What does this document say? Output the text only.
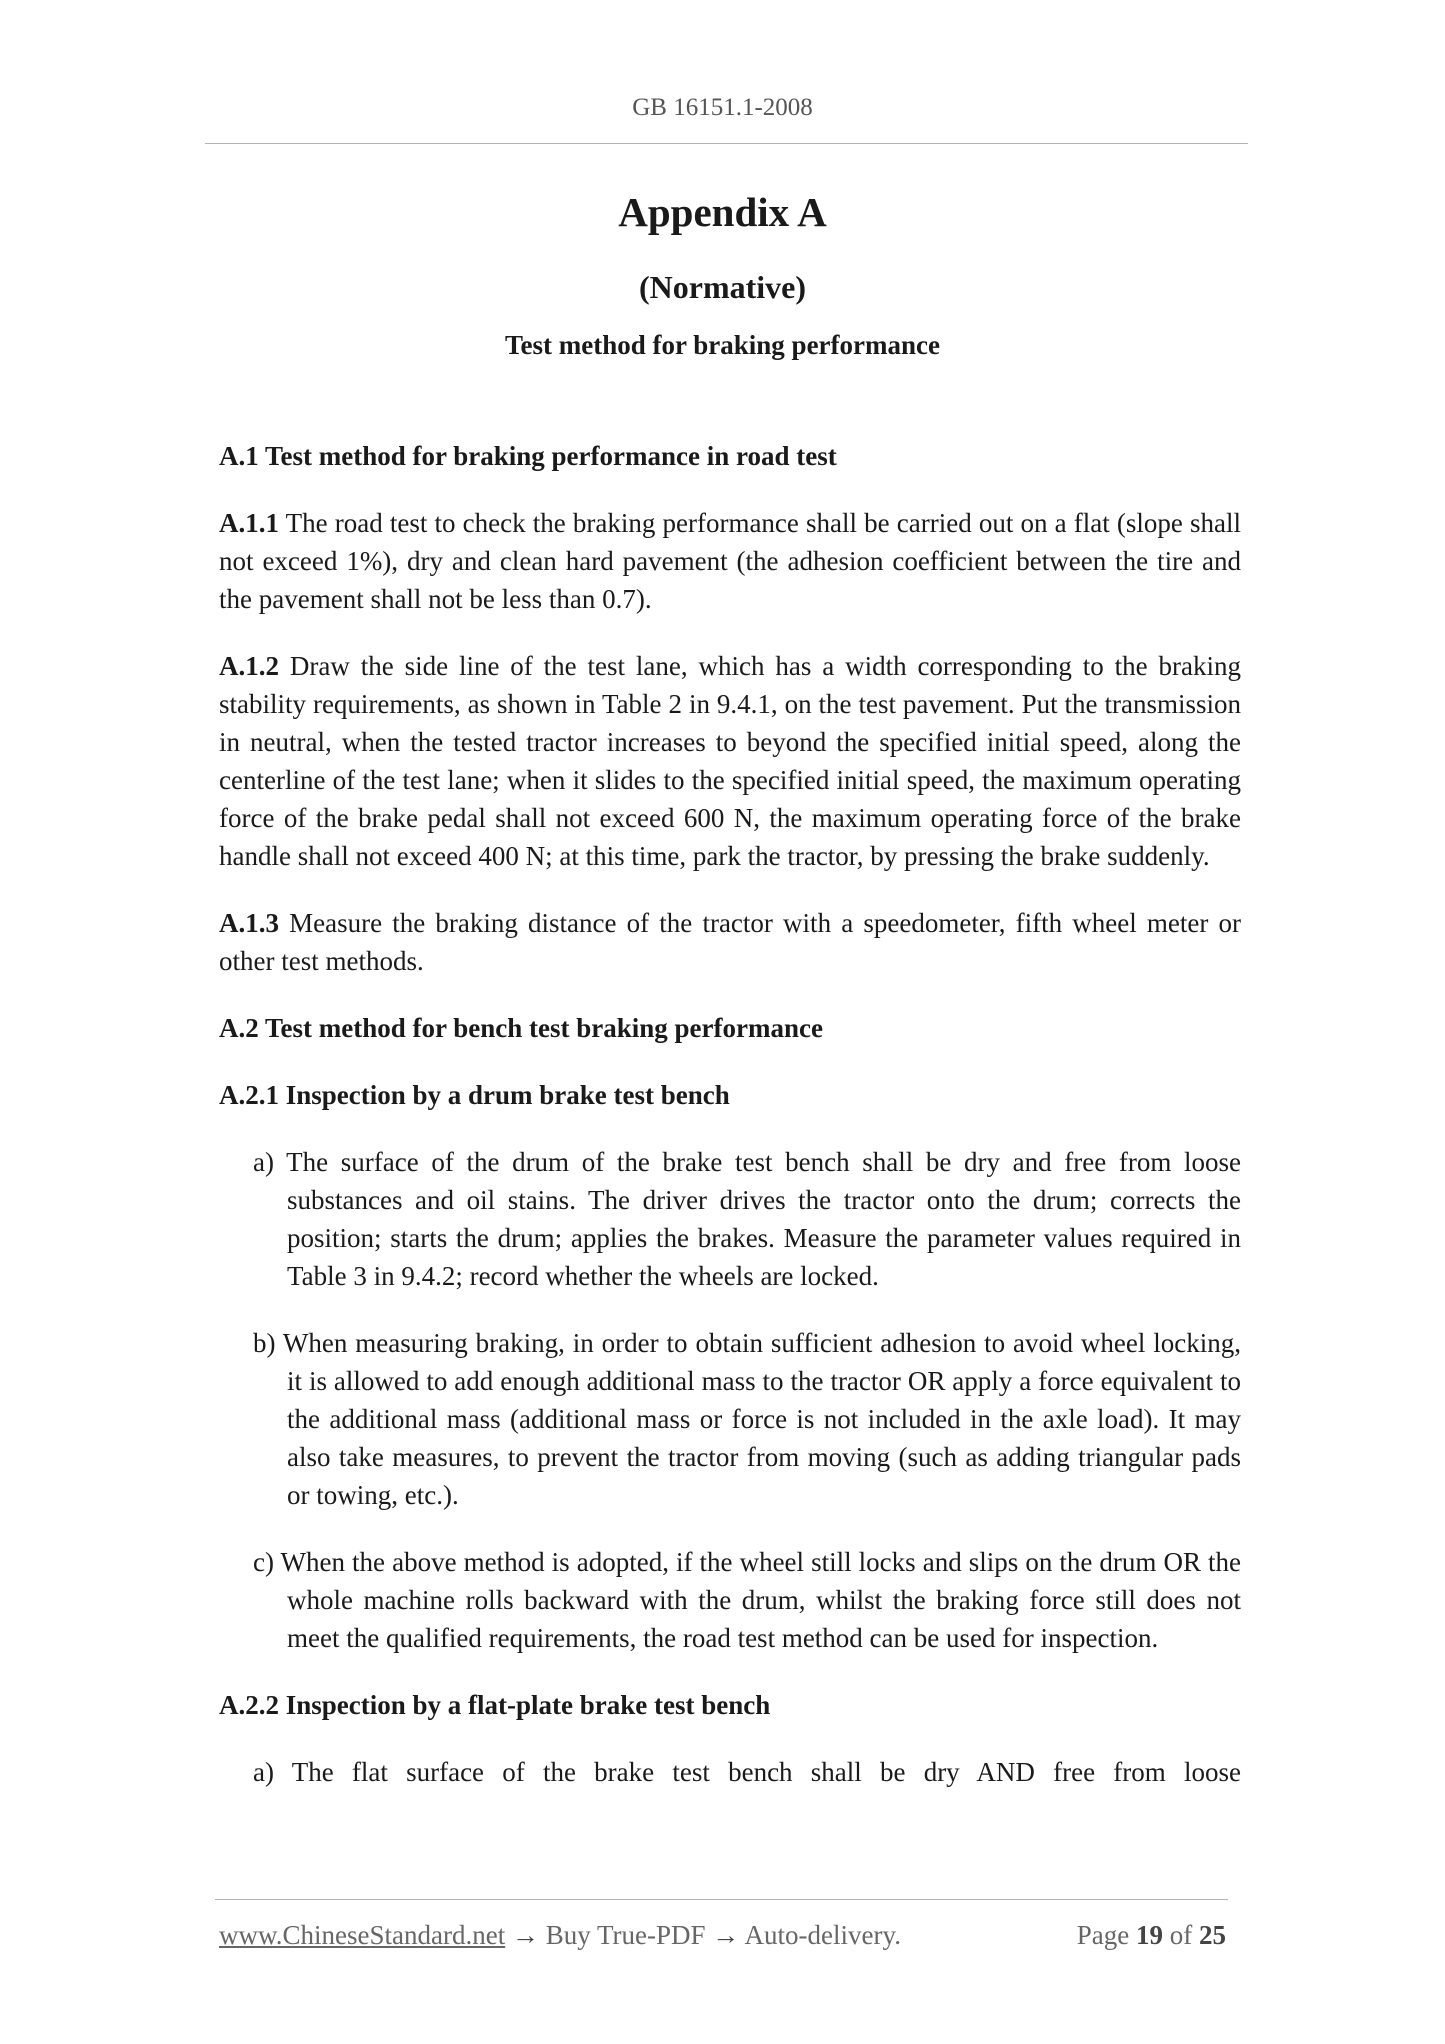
GB 16151.1-2008
Appendix A
(Normative)
Test method for braking performance
A.1 Test method for braking performance in road test
A.1.1 The road test to check the braking performance shall be carried out on a flat (slope shall not exceed 1%), dry and clean hard pavement (the adhesion coefficient between the tire and the pavement shall not be less than 0.7).
A.1.2 Draw the side line of the test lane, which has a width corresponding to the braking stability requirements, as shown in Table 2 in 9.4.1, on the test pavement. Put the transmission in neutral, when the tested tractor increases to beyond the specified initial speed, along the centerline of the test lane; when it slides to the specified initial speed, the maximum operating force of the brake pedal shall not exceed 600 N, the maximum operating force of the brake handle shall not exceed 400 N; at this time, park the tractor, by pressing the brake suddenly.
A.1.3 Measure the braking distance of the tractor with a speedometer, fifth wheel meter or other test methods.
A.2 Test method for bench test braking performance
A.2.1 Inspection by a drum brake test bench
a) The surface of the drum of the brake test bench shall be dry and free from loose substances and oil stains. The driver drives the tractor onto the drum; corrects the position; starts the drum; applies the brakes. Measure the parameter values required in Table 3 in 9.4.2; record whether the wheels are locked.
b) When measuring braking, in order to obtain sufficient adhesion to avoid wheel locking, it is allowed to add enough additional mass to the tractor OR apply a force equivalent to the additional mass (additional mass or force is not included in the axle load). It may also take measures, to prevent the tractor from moving (such as adding triangular pads or towing, etc.).
c) When the above method is adopted, if the wheel still locks and slips on the drum OR the whole machine rolls backward with the drum, whilst the braking force still does not meet the qualified requirements, the road test method can be used for inspection.
A.2.2 Inspection by a flat-plate brake test bench
a) The flat surface of the brake test bench shall be dry AND free from loose
www.ChineseStandard.net → Buy True-PDF → Auto-delivery.	Page 19 of 25
